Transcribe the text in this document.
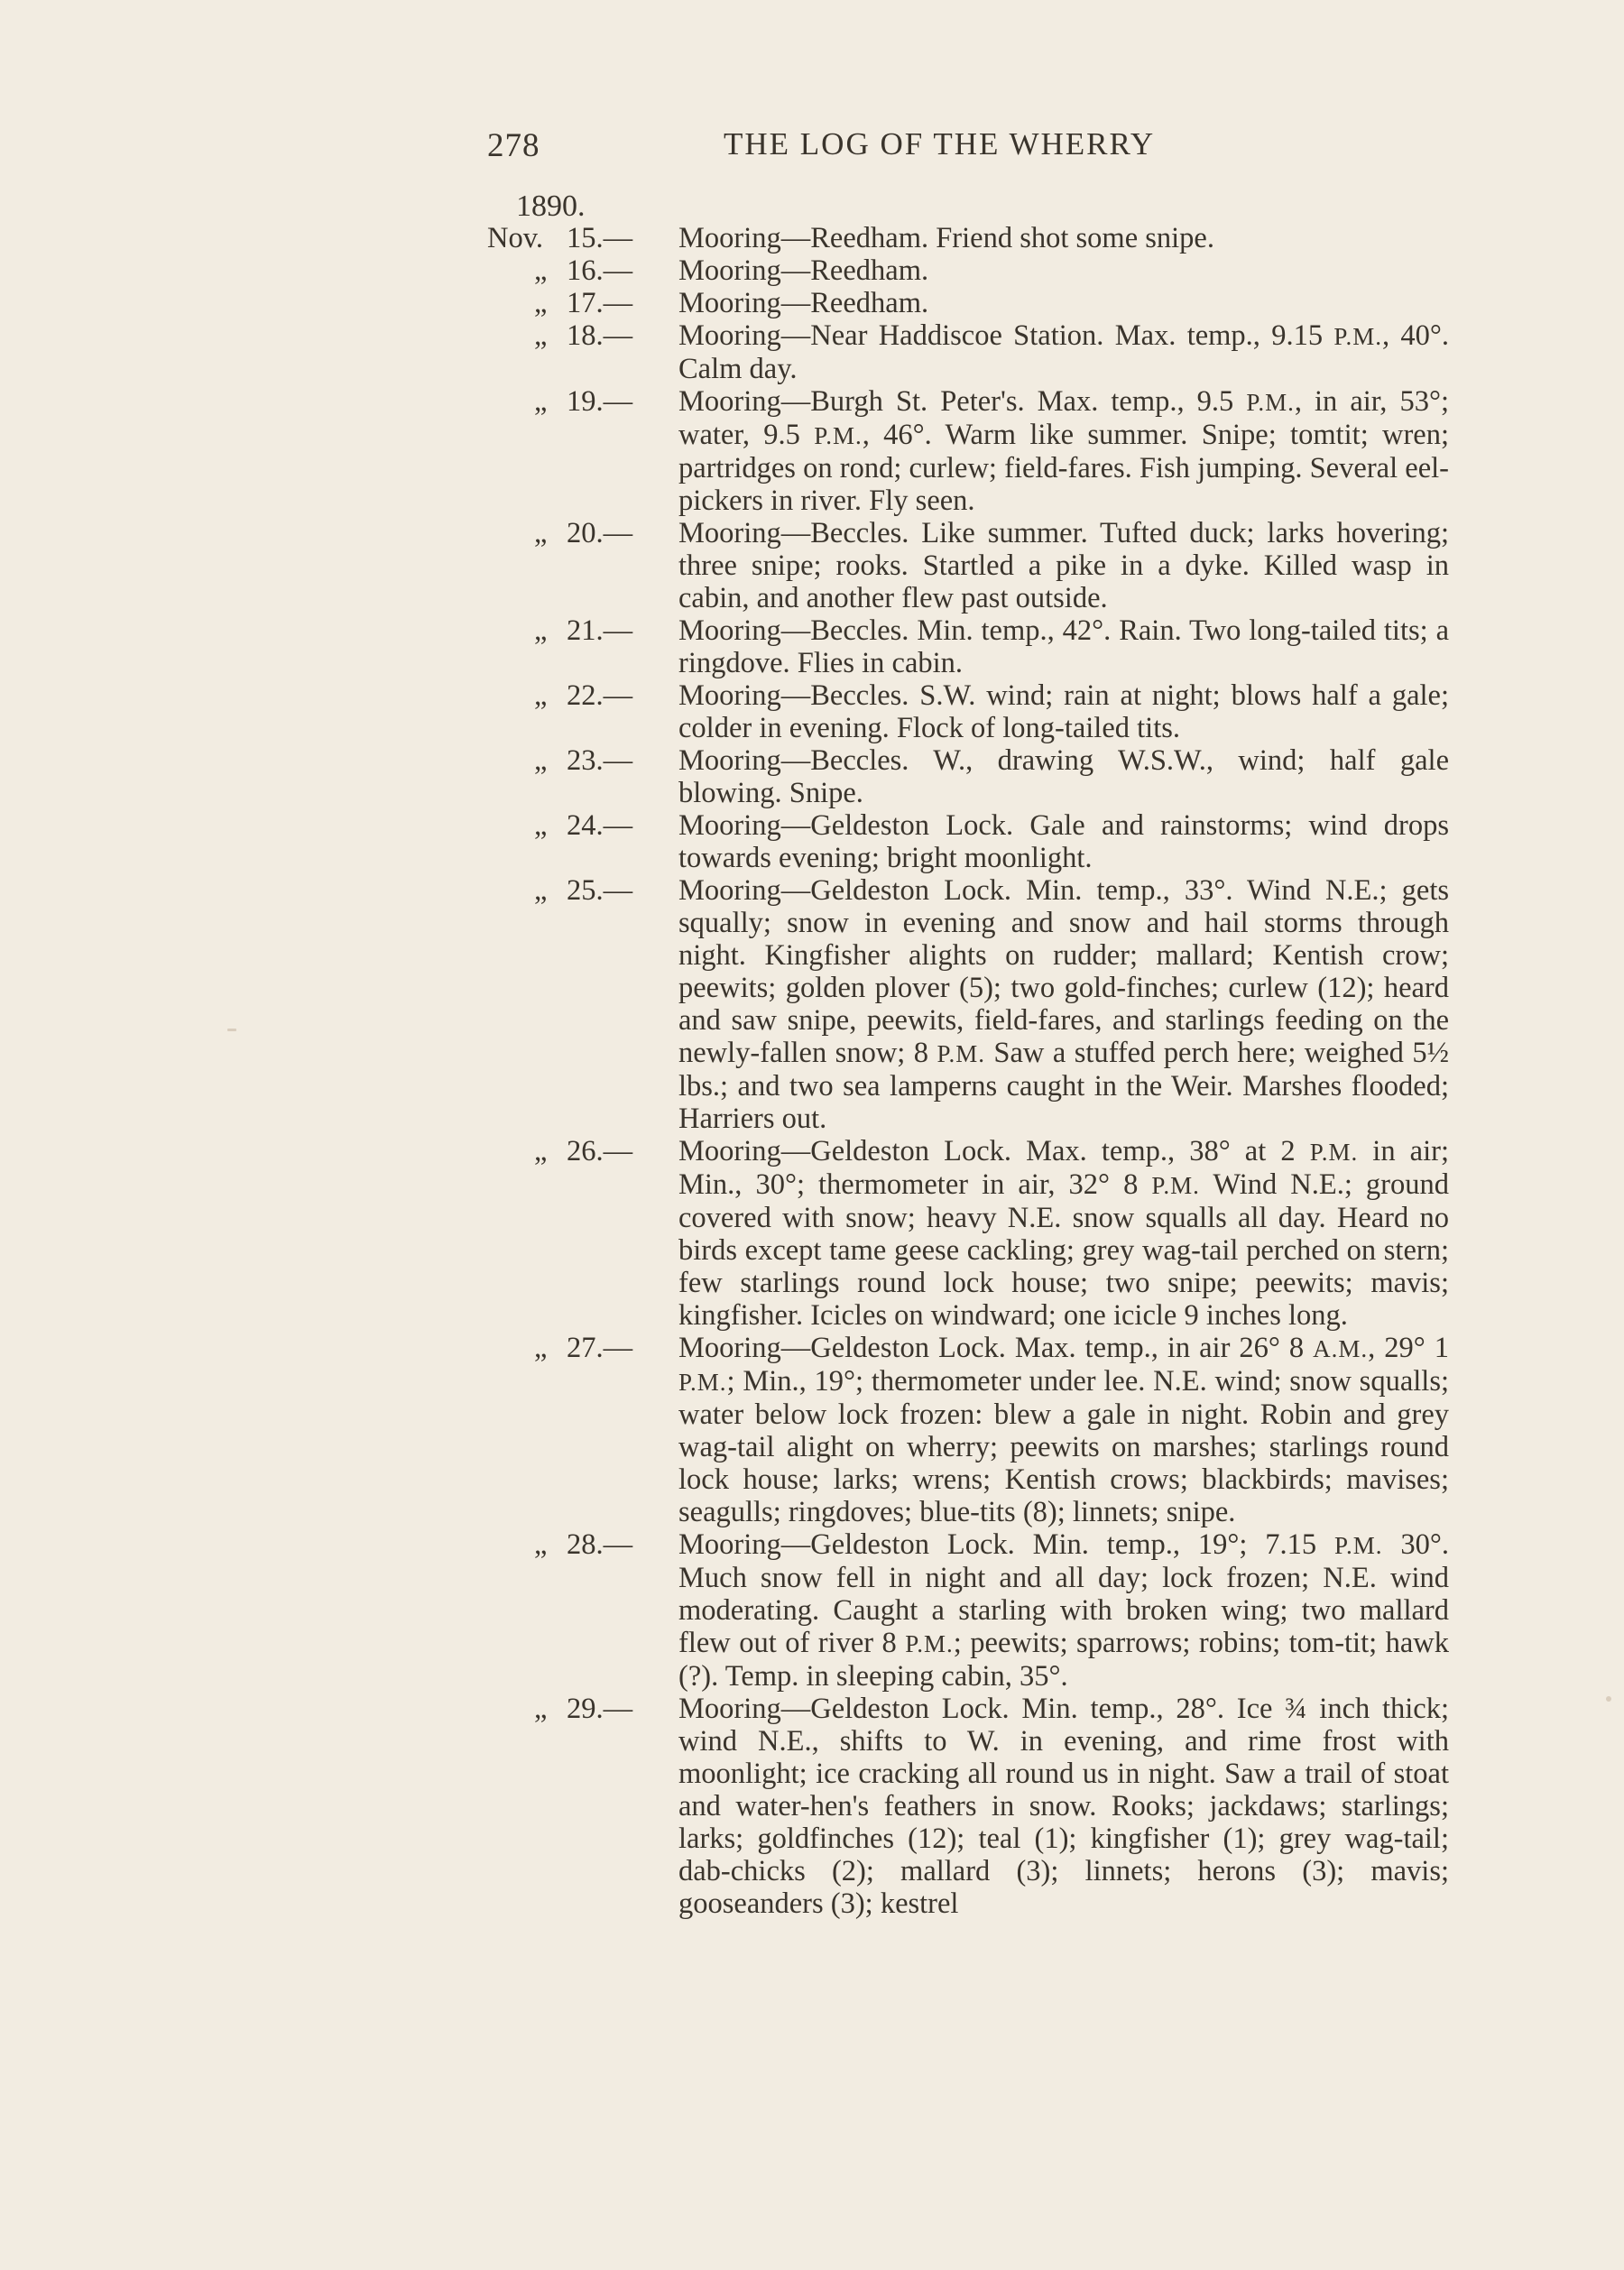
278	THE LOG OF THE WHERRY
1890.
Nov. 15.— Mooring—Reedham. Friend shot some snipe.
„ 16.— Mooring—Reedham.
„ 17.— Mooring—Reedham.
„ 18.— Mooring—Near Haddiscoe Station. Max. temp., 9.15 P.M., 40°. Calm day.
„ 19.— Mooring—Burgh St. Peter's. Max. temp., 9.5 P.M., in air, 53°; water, 9.5 P.M., 46°. Warm like summer. Snipe; tomtit; wren; partridges on rond; curlew; field-fares. Fish jumping. Several eel-pickers in river. Fly seen.
„ 20.— Mooring—Beccles. Like summer. Tufted duck; larks hovering; three snipe; rooks. Startled a pike in a dyke. Killed wasp in cabin, and another flew past outside.
„ 21.— Mooring—Beccles. Min. temp., 42°. Rain. Two long-tailed tits; a ringdove. Flies in cabin.
„ 22.— Mooring—Beccles. S.W. wind; rain at night; blows half a gale; colder in evening. Flock of long-tailed tits.
„ 23.— Mooring—Beccles. W., drawing W.S.W., wind; half gale blowing. Snipe.
„ 24.— Mooring—Geldeston Lock. Gale and rainstorms; wind drops towards evening; bright moonlight.
„ 25.— Mooring—Geldeston Lock. Min. temp., 33°. Wind N.E.; gets squally; snow in evening and snow and hail storms through night. Kingfisher alights on rudder; mallard; Kentish crow; peewits; golden plover (5); two gold-finches; curlew (12); heard and saw snipe, peewits, field-fares, and starlings feeding on the newly-fallen snow; 8 P.M. Saw a stuffed perch here; weighed 5½ lbs.; and two sea lamperns caught in the Weir. Marshes flooded; Harriers out.
„ 26.— Mooring—Geldeston Lock. Max. temp., 38° at 2 P.M. in air; Min., 30°; thermometer in air, 32° 8 P.M. Wind N.E.; ground covered with snow; heavy N.E. snow squalls all day. Heard no birds except tame geese cackling; grey wag-tail perched on stern; few starlings round lock house; two snipe; peewits; mavis; kingfisher. Icicles on windward; one icicle 9 inches long.
„ 27.— Mooring—Geldeston Lock. Max. temp., in air 26° 8 A.M., 29° 1 P.M.; Min., 19°; thermometer under lee. N.E. wind; snow squalls; water below lock frozen: blew a gale in night. Robin and grey wag-tail alight on wherry; peewits on marshes; starlings round lock house; larks; wrens; Kentish crows; blackbirds; mavises; seagulls; ringdoves; blue-tits (8); linnets; snipe.
„ 28.— Mooring—Geldeston Lock. Min. temp., 19°; 7.15 P.M. 30°. Much snow fell in night and all day; lock frozen; N.E. wind moderating. Caught a starling with broken wing; two mallard flew out of river 8 P.M.; peewits; sparrows; robins; tom-tit; hawk (?). Temp. in sleeping cabin, 35°.
„ 29.— Mooring—Geldeston Lock. Min. temp., 28°. Ice ¾ inch thick; wind N.E., shifts to W. in evening, and rime frost with moonlight; ice cracking all round us in night. Saw a trail of stoat and water-hen's feathers in snow. Rooks; jackdaws; starlings; larks; goldfinches (12); teal (1); kingfisher (1); grey wag-tail; dab-chicks (2); mallard (3); linnets; herons (3); mavis; gooseanders (3); kestrel
